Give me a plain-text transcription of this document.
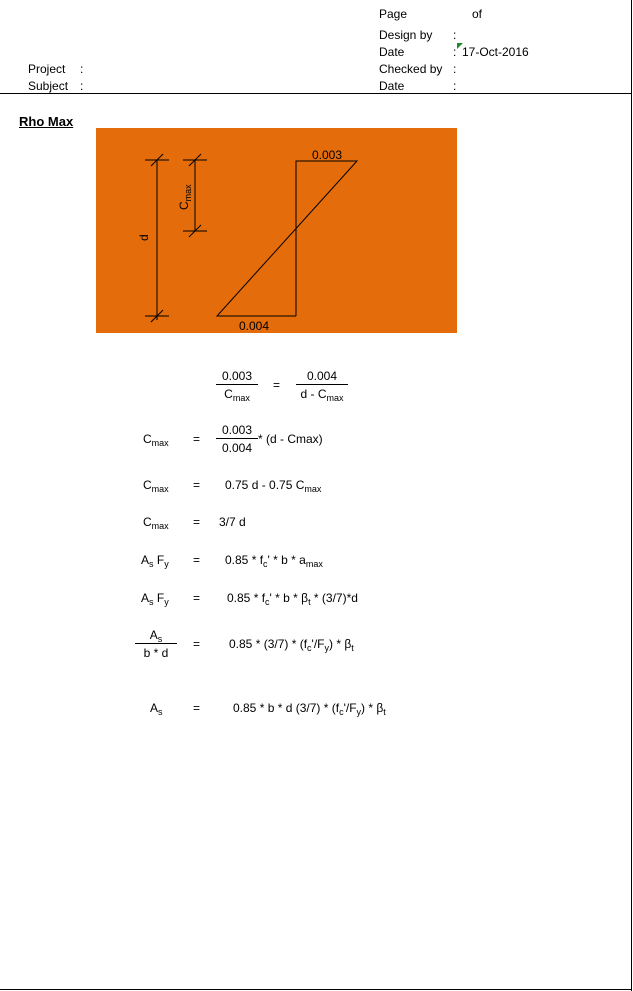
Page	of
Design by :
Date	: 17-Oct-2016
Checked by :
Date	:
Project :
Subject :
Rho Max
0.003
0.004
$C_{max}$
d
0.003
$C_{max}$
=
0.004
d - $C_{max}$
$C_{max}$ =
0.003
0.004
* (d - Cmax)
$C_{max} = 0.75$ d - 0.75 $C_{max}$
$C_{max} = 3/7$ d
$A_s$ $F_y = 0.85 * f_c' * b * a_{max}$
$A_s$ $F_y = 0.85 * f_c' * b * \beta_t * (3/7)*d$
$A_s$
b * d
= $0.85 * (3/7) * (f_c'/F_y) * \beta_t$
$A_s$	=	0.85 * b * d $(3/7) * (f_c'/F_y) * \beta_t$
